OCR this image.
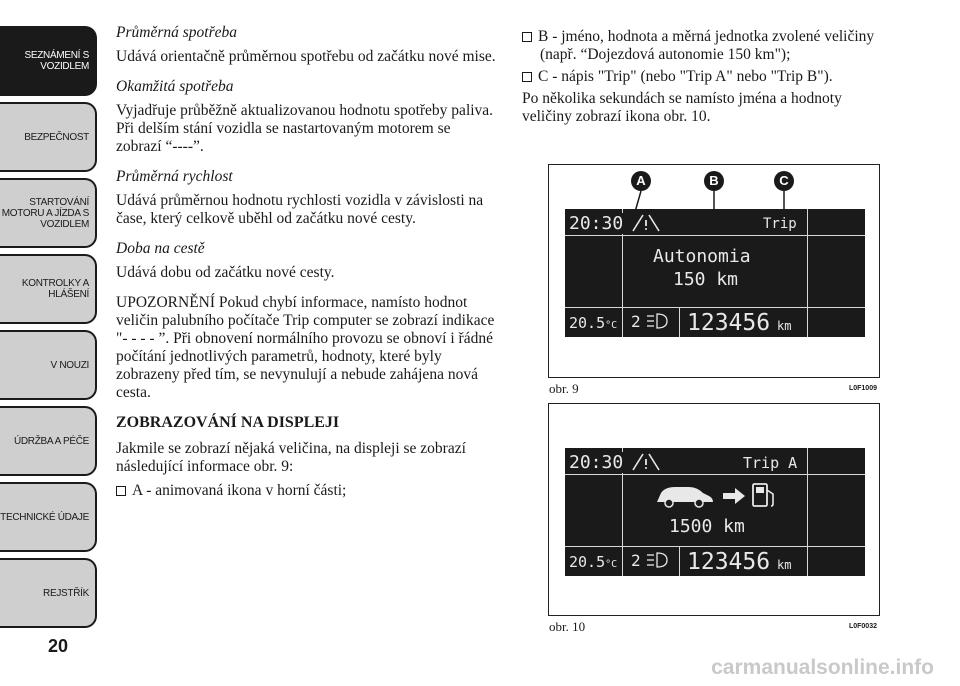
SEZNÁMENÍ S VOZIDLEM
BEZPEČNOST
STARTOVÁNÍ MOTORU A JÍZDA S VOZIDLEM
KONTROLKY A HLÁŠENÍ
V NOUZI
ÚDRŽBA A PÉČE
TECHNICKÉ ÚDAJE
REJSTŘÍK
20

Průměrná spotřeba

Udává orientačně průměrnou spotřebu od začátku nové mise.

Okamžitá spotřeba

Vyjadřuje průběžně aktualizovanou hodnotu spotřeby paliva. Při delším stání vozidla se nastartovaným motorem se zobrazí “----”.

Průměrná rychlost

Udává průměrnou hodnotu rychlosti vozidla v závislosti na čase, který celkově uběhl od začátku nové cesty.

Doba na cestě

Udává dobu od začátku nové cesty.

UPOZORNĚNÍ Pokud chybí informace, namísto hodnot veličin palubního počítače Trip computer se zobrazí indikace "- - - - ”. Při obnovení normálního provozu se obnoví i řádné počítání jednotlivých parametrů, hodnoty, které byly zobrazeny před tím, se nevynulují a nebude zahájena nová cesta.

ZOBRAZOVÁNÍ NA DISPLEJI

Jakmile se zobrazí nějaká veličina, na displeji se zobrazí následující informace obr. 9:

A - animovaná ikona v horní části;

B - jméno, hodnota a měrná jednotka zvolené veličiny (např. “Dojezdová autonomie 150 km");

C - nápis "Trip" (nebo "Trip A" nebo "Trip B").

Po několika sekundách se namísto jména a hodnoty veličiny zobrazí ikona obr. 10.

A	B	C
20:30	Trip
Autonomia
150 km
20.5°C 2 123456 km
obr. 9	L0F1009
20:30	Trip A
1500 km
20.5°C 2 123456 km
obr. 10	L0F0032
carmanualsonline.info
